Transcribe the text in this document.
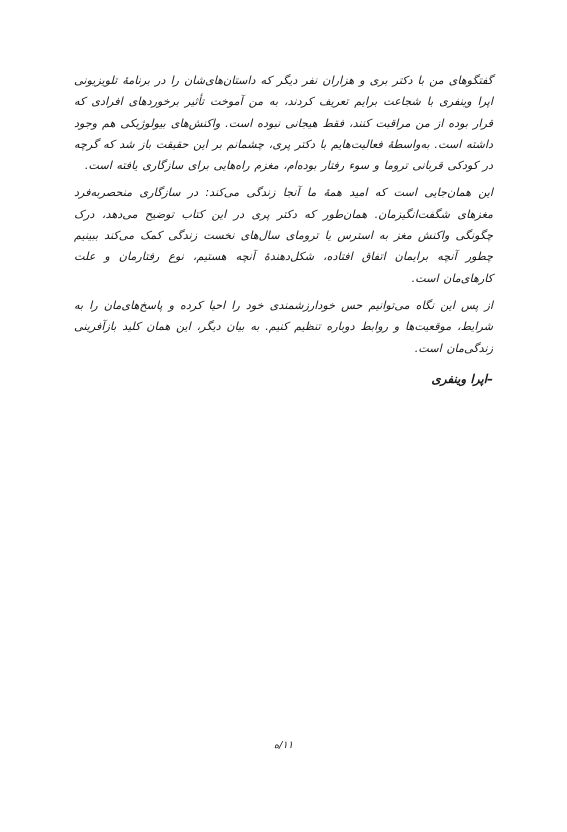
گفتگوهای من با دکتر بری و هزاران نفر دیگر که داستان‌های‌شان را در برنامهٔ تلویزیونی اپرا وینفری با شجاعت برایم تعریف کردند، به من آموخت تأثیر برخوردهای افرادی که قرار بوده از من مراقبت کنند، فقط هیجانی نبوده است. واکنش‌های بیولوژیکی هم وجود داشته است. به‌واسطهٔ فعالیت‌هایم با دکتر پری، چشمانم بر این حقیقت باز شد که گرچه در کودکی قربانی تروما و سوء رفتار بوده‌ام، مغزم راه‌هایی برای سازگاری یافته است.

این همان‌جایی است که امید همهٔ ما آنجا زندگی می‌کند: در سازگاری منحصربه‌فرد مغزهای شگفت‌انگیزمان. همان‌طور که دکتر پری در این کتاب توضیح می‌دهد، درک چگونگی واکنش مغز به استرس یا ترومای سال‌های نخست زندگی کمک می‌کند ببینیم چطور آنچه برایمان اتفاق افتاده، شکل‌دهندهٔ آنچه هستیم، نوع رفتارمان و علت کارهای‌مان است.

از پس این نگاه می‌توانیم حس خودارزشمندی خود را احیا کرده و پاسخ‌های‌مان را به شرایط، موقعیت‌ها و روابط دوباره تنظیم کنیم. به بیان دیگر، این همان کلید بازآفرینی زندگی‌مان است.

–اپرا وینفری

۱۱/ه
